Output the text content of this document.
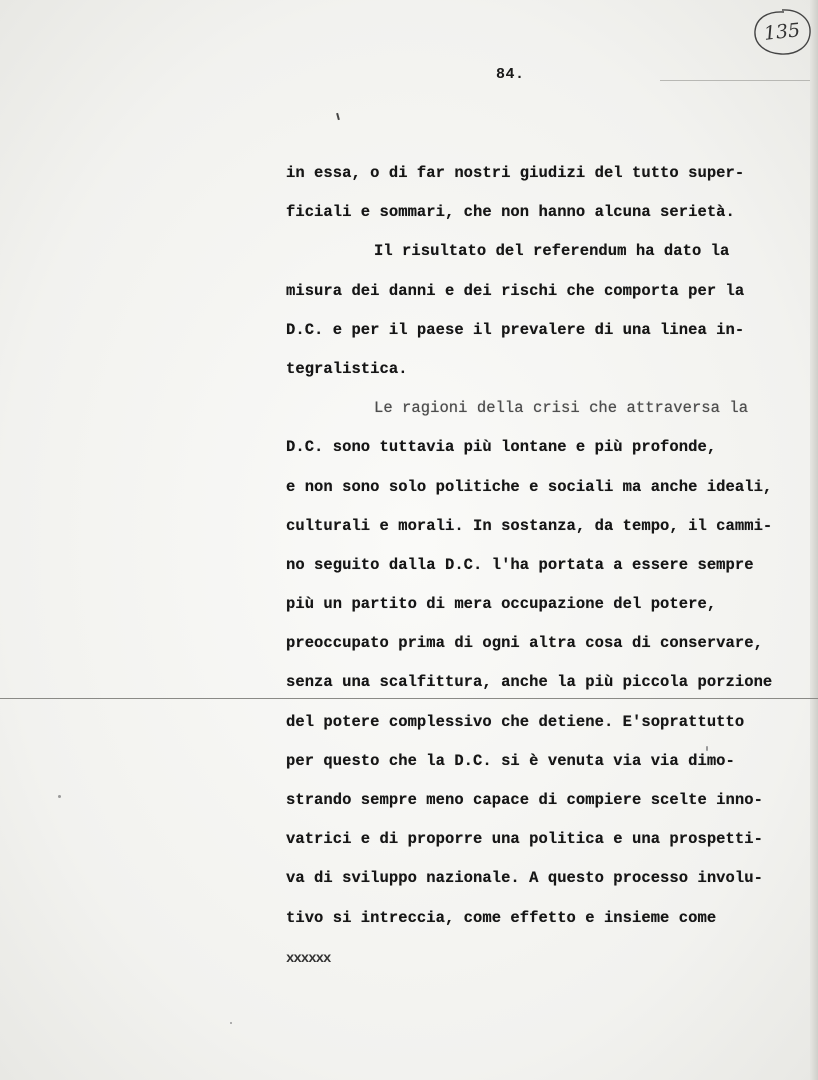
135
84.
in essa, o di far nostri giudizi del tutto super-
ficiali e sommari, che non hanno alcuna serietà.
Il risultato del referendum ha dato la
misura dei danni e dei rischi che comporta per la
D.C. e per il paese il prevalere di una linea in-
tegralistica.
Le ragioni della crisi che attraversa la
D.C. sono tuttavia più lontane e più profonde,
e non sono solo politiche e sociali ma anche ideali,
culturali e morali. In sostanza, da tempo, il cammi-
no seguito dalla D.C. l'ha portata a essere sempre
più un partito di mera occupazione del potere,
preoccupato prima di ogni altra cosa di conservare,
senza una scalfittura, anche la più piccola porzione
del potere complessivo che detiene. E'soprattutto
per questo che la D.C. si è venuta via via dimo-
strando sempre meno capace di compiere scelte inno-
vatrici e di proporre una politica e una prospetti-
va di sviluppo nazionale. A questo processo involu-
tivo si intreccia, come effetto e insieme come
xxxxxx
